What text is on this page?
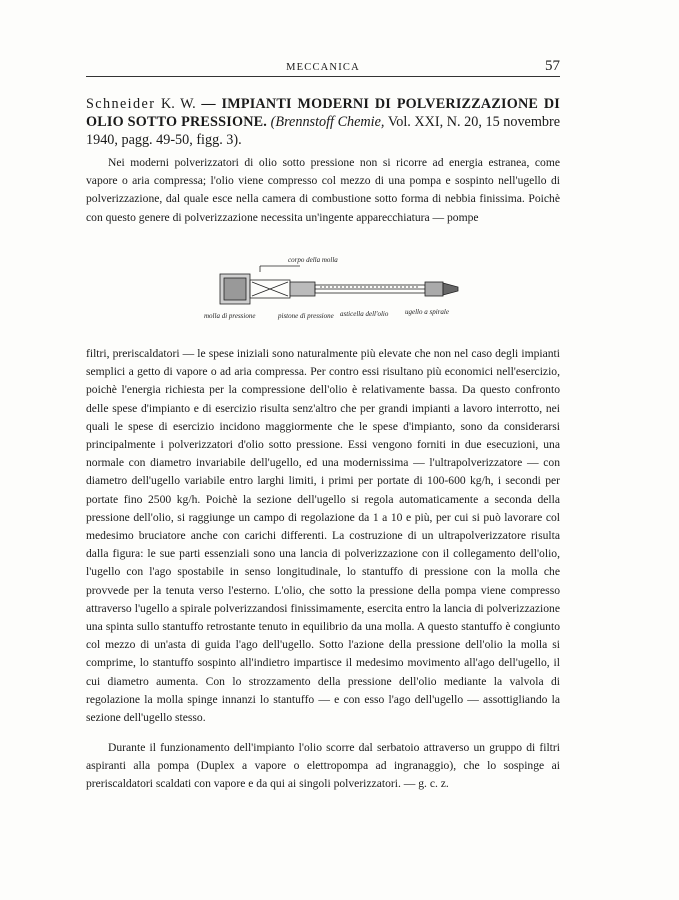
MECCANICA	57
Schneider K. W. — IMPIANTI MODERNI DI POLVERIZZAZIONE DI OLIO SOTTO PRESSIONE. (Brennstoff Chemie, Vol. XXI, N. 20, 15 novembre 1940, pagg. 49-50, figg. 3).
Nei moderni polverizzatori di olio sotto pressione non si ricorre ad energia estranea, come vapore o aria compressa; l'olio viene compresso col mezzo di una pompa e sospinto nell'ugello di polverizzazione, dal quale esce nella camera di combustione sotto forma di nebbia finissima. Poichè con questo genere di polverizzazione necessita un'ingente apparecchiatura — pompe
corpo della molla
molla di pressione	pistone di pressione asticella dell'olio ugello a spirale
filtri, preriscaldatori — le spese iniziali sono naturalmente più elevate che non nel caso degli impianti semplici a getto di vapore o ad aria compressa. Per contro essi risultano più economici nell'esercizio, poichè l'energia richiesta per la compressione dell'olio è relativamente bassa. Da questo confronto delle spese d'impianto e di esercizio risulta senz'altro che per grandi impianti a lavoro interrotto, nei quali le spese di esercizio incidono maggiormente che le spese d'impianto, sono da considerarsi principalmente i polverizzatori d'olio sotto pressione. Essi vengono forniti in due esecuzioni, una normale con diametro invariabile dell'ugello, ed una modernissima — l'ultrapolverizzatore — con diametro dell'ugello variabile entro larghi limiti, i primi per portate di 100-600 kg/h, i secondi per portate fino 2500 kg/h. Poichè la sezione dell'ugello si regola automaticamente a seconda della pressione dell'olio, si raggiunge un campo di regolazione da 1 a 10 e più, per cui si può lavorare col medesimo bruciatore anche con carichi differenti. La costruzione di un ultrapolverizzatore risulta dalla figura: le sue parti essenziali sono una lancia di polverizzazione con il collegamento dell'olio, l'ugello con l'ago spostabile in senso longitudinale, lo stantuffo di pressione con la molla che provvede per la tenuta verso l'esterno. L'olio, che sotto la pressione della pompa viene compresso attraverso l'ugello a spirale polverizzandosi finissimamente, esercita entro la lancia di polverizzazione una spinta sullo stantuffo retrostante tenuto in equilibrio da una molla. A questo stantuffo è congiunto col mezzo di un'asta di guida l'ago dell'ugello. Sotto l'azione della pressione dell'olio la molla si comprime, lo stantuffo sospinto all'indietro impartisce il medesimo movimento all'ago dell'ugello, il cui diametro aumenta. Con lo strozzamento della pressione dell'olio mediante la valvola di regolazione la molla spinge innanzi lo stantuffo — e con esso l'ago dell'ugello — assottigliando la sezione dell'ugello stesso.
Durante il funzionamento dell'impianto l'olio scorre dal serbatoio attraverso un gruppo di filtri aspiranti alla pompa (Duplex a vapore o elettropompa ad ingranaggio), che lo sospinge ai preriscaldatori scaldati con vapore e da qui ai singoli polverizzatori. — g. c. z.
